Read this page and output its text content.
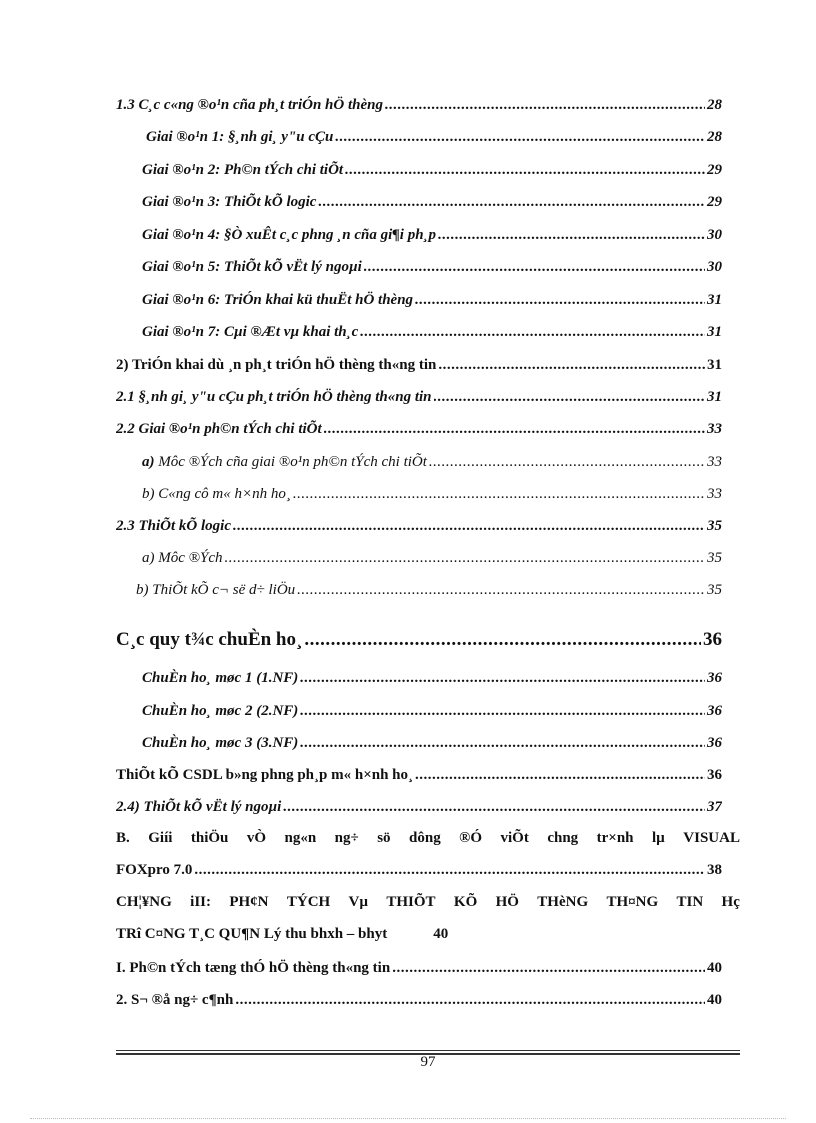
1.3 C¸c c«ng ®o¹n cña ph¸t triÓn hÖ thèng .....	28
Giai ®o¹n 1: §¸nh gi¸ y"u cÇu .....	28
Giai ®o¹n 2: Ph©n tÝch chi tiÕt .....	29
Giai ®o¹n 3: ThiÕt kÕ logic .....	29
Giai ®o¹n 4: §Ò xuÊt c¸c phng ¸n cña gi¶i ph¸p .....	30
Giai ®o¹n 5: ThiÕt kÕ vËt lý ngoµi .....	30
Giai ®o¹n 6: TriÓn khai kü thuËt hÖ thèng .....	31
Giai ®o¹n 7: Cµi ®Æt vµ khai th¸c .....	31
2) TriÓn khai dù ¸n ph¸t triÓn hÖ thèng th«ng tin .....	31
2.1 §¸nh gi¸ y"u cÇu ph¸t triÓn hÖ thèng th«ng tin .....	31
2.2 Giai ®o¹n ph©n tÝch chi tiÕt .....	33
a) Môc ®Ých cña giai ®o¹n ph©n tÝch chi tiÕt .....	33
b) C«ng cô m« h×nh ho¸ .....	33
2.3 ThiÕt kÕ logic .....	35
a) Môc ®Ých .....	35
b) ThiÕt kÕ c¬ së d÷ liÖu .....	35
C¸c quy t¾c chuÈn ho¸ .....	36
ChuÈn ho¸ møc 1 (1.NF) .....	36
ChuÈn ho¸ møc 2 (2.NF) .....	36
ChuÈn ho¸ møc 3 (3.NF) .....	36
ThiÕt kÕ CSDL b»ng phng ph¸p m« h×nh ho¸ .....	36
2.4) ThiÕt kÕ vËt lý ngoµi .....	37
B. Giíi thiÖu vÒ ng«n ng÷ sö dông ®Ó viÕt chng tr×nh lµ VISUAL
FOXpro 7.0 .....	38
CH¦¥NG iII: PH¢N TÝCH Vµ THIÕT KÕ HÖ THèNG TH¤NG TIN Hç
TRî C¤NG T¸C QU¶N Lý thu bhxh – bhyt	40
I. Ph©n tÝch tæng thÓ hÖ thèng th«ng tin .....	40
2. S¬ ®å ng÷ c¶nh .....	40
97
